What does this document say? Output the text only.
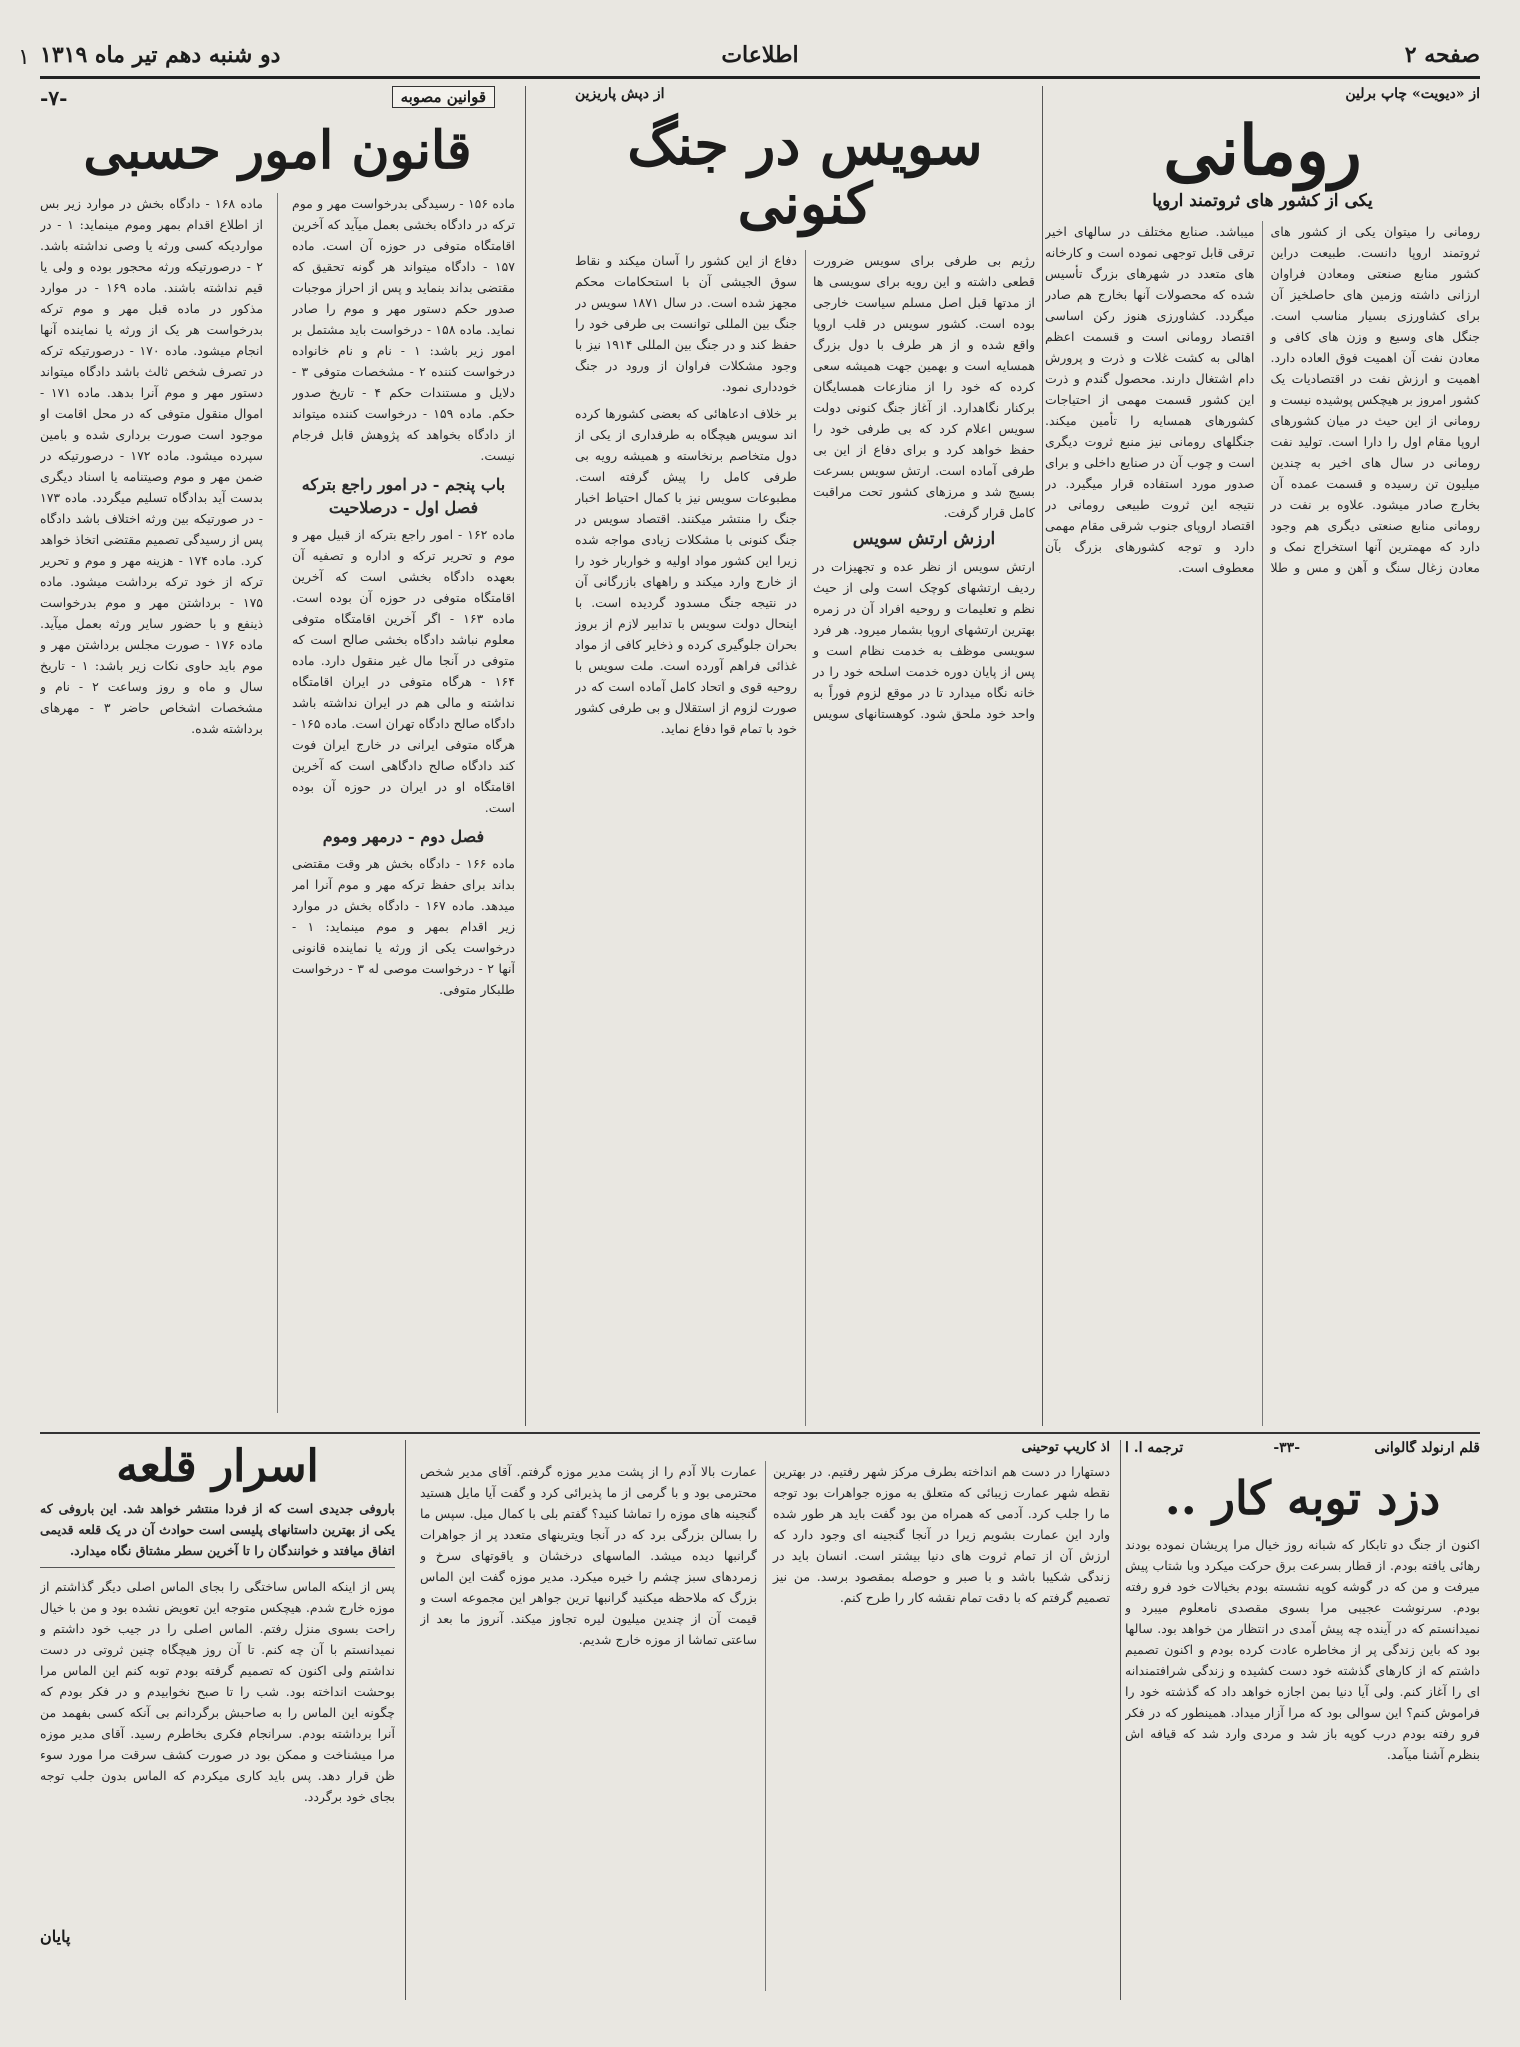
صفحه ۲
اطلاعات
دو شنبه دهم تیر ماه ۱۳۱۹
١
از «دیویت» چاپ برلین
رومانی
یکی از کشور های ثروتمند اروپا

رومانی را میتوان یکی از کشور های ثروتمند اروپا دانست. طبیعت دراین کشور منابع صنعتی ومعادن فراوان ارزانی داشته وزمین های حاصلخیز آن برای کشاورزی بسیار مناسب است. جنگل های وسیع و وزن های کافی و معادن نفت آن اهمیت فوق العاده دارد. اهمیت و ارزش نفت در اقتصادیات یک کشور امروز بر هیچکس پوشیده نیست و رومانی از این حیث در میان کشورهای اروپا مقام اول را دارا است. تولید نفت رومانی در سال های اخیر به چندین میلیون تن رسیده و قسمت عمده آن بخارج صادر میشود. علاوه بر نفت در رومانی منابع صنعتی دیگری هم وجود دارد که مهمترین آنها استخراج نمک و معادن زغال سنگ و آهن و مس و طلا میباشد. صنایع مختلف در سالهای اخیر ترقی قابل توجهی نموده است و کارخانه های متعدد در شهرهای بزرگ تأسیس شده که محصولات آنها بخارج هم صادر میگردد. کشاورزی هنوز رکن اساسی اقتصاد رومانی است و قسمت اعظم اهالی به کشت غلات و ذرت و پرورش دام اشتغال دارند. محصول گندم و ذرت این کشور قسمت مهمی از احتیاجات کشورهای همسایه را تأمین میکند. جنگلهای رومانی نیز منبع ثروت دیگری است و چوب آن در صنایع داخلی و برای صدور مورد استفاده قرار میگیرد. در نتیجه این ثروت طبیعی رومانی در اقتصاد اروپای جنوب شرقی مقام مهمی دارد و توجه کشورهای بزرگ بآن معطوف است.

از دپش پاریزین
سویس در جنگ کنونی

رژیم بی طرفی برای سویس ضرورت قطعی داشته و این رویه برای سویسی ها از مدتها قبل اصل مسلم سیاست خارجی بوده است. کشور سویس در قلب اروپا واقع شده و از هر طرف با دول بزرگ همسایه است و بهمین جهت همیشه سعی کرده که خود را از منازعات همسایگان برکنار نگاهدارد. از آغاز جنگ کنونی دولت سویس اعلام کرد که بی طرفی خود را حفظ خواهد کرد و برای دفاع از این بی طرفی آماده است. ارتش سویس بسرعت بسیج شد و مرزهای کشور تحت مراقبت کامل قرار گرفت.

ارزش ارتش سویس

ارتش سویس از نظر عده و تجهیزات در ردیف ارتشهای کوچک است ولی از حیث نظم و تعلیمات و روحیه افراد آن در زمره بهترین ارتشهای اروپا بشمار میرود. هر فرد سویسی موظف به خدمت نظام است و پس از پایان دوره خدمت اسلحه خود را در خانه نگاه میدارد تا در موقع لزوم فوراً به واحد خود ملحق شود. کوهستانهای سویس دفاع از این کشور را آسان میکند و نقاط سوق الجیشی آن با استحکامات محکم مجهز شده است. در سال ۱۸۷۱ سویس در جنگ بین المللی توانست بی طرفی خود را حفظ کند و در جنگ بین المللی ۱۹۱۴ نیز با وجود مشکلات فراوان از ورود در جنگ خودداری نمود.

بر خلاف ادعاهائی که بعضی کشورها کرده اند سویس هیچگاه به طرفداری از یکی از دول متخاصم برنخاسته و همیشه رویه بی طرفی کامل را پیش گرفته است. مطبوعات سویس نیز با کمال احتیاط اخبار جنگ را منتشر میکنند. اقتصاد سویس در جنگ کنونی با مشکلات زیادی مواجه شده زیرا این کشور مواد اولیه و خواربار خود را از خارج وارد میکند و راههای بازرگانی آن در نتیجه جنگ مسدود گردیده است. با اینحال دولت سویس با تدابیر لازم از بروز بحران جلوگیری کرده و ذخایر کافی از مواد غذائی فراهم آورده است. ملت سویس با روحیه قوی و اتحاد کامل آماده است که در صورت لزوم از استقلال و بی طرفی کشور خود با تمام قوا دفاع نماید.

قوانین مصوبه
-۷-
قانون امور حسبی

ماده ۱۶۸ - دادگاه بخش در موارد زیر بس از اطلاع اقدام بمهر وموم مینماید: ۱ - در مواردیکه کسی ورثه یا وصی نداشته باشد. ۲ - درصورتیکه ورثه محجور بوده و ولی یا قیم نداشته باشند. ماده ۱۶۹ - در موارد مذکور در ماده قبل مهر و موم ترکه بدرخواست هر یک از ورثه یا نماینده آنها انجام میشود. ماده ۱۷۰ - درصورتیکه ترکه در تصرف شخص ثالث باشد دادگاه میتواند دستور مهر و موم آنرا بدهد. ماده ۱۷۱ - اموال منقول متوفی که در محل اقامت او موجود است صورت برداری شده و بامین سپرده میشود. ماده ۱۷۲ - درصورتیکه در ضمن مهر و موم وصیتنامه یا اسناد دیگری بدست آید بدادگاه تسلیم میگردد. ماده ۱۷۳ - در صورتیکه بین ورثه اختلاف باشد دادگاه پس از رسیدگی تصمیم مقتضی اتخاذ خواهد کرد. ماده ۱۷۴ - هزینه مهر و موم و تحریر ترکه از خود ترکه برداشت میشود. ماده ۱۷۵ - برداشتن مهر و موم بدرخواست ذینفع و با حضور سایر ورثه بعمل میآید. ماده ۱۷۶ - صورت مجلس برداشتن مهر و موم باید حاوی نکات زیر باشد: ۱ - تاریخ سال و ماه و روز وساعت ۲ - نام و مشخصات اشخاص حاضر ۳ - مهرهای برداشته شده.

ماده ۱۵۶ - رسیدگی بدرخواست مهر و موم ترکه در دادگاه بخشی بعمل میآید که آخرین اقامتگاه متوفی در حوزه آن است. ماده ۱۵۷ - دادگاه میتواند هر گونه تحقیق که مقتضی بداند بنماید و پس از احراز موجبات صدور حکم دستور مهر و موم را صادر نماید. ماده ۱۵۸ - درخواست باید مشتمل بر امور زیر باشد: ۱ - نام و نام خانواده درخواست کننده ۲ - مشخصات متوفی ۳ - دلایل و مستندات حکم ۴ - تاریخ صدور حکم. ماده ۱۵۹ - درخواست کننده میتواند از دادگاه بخواهد که پژوهش قابل فرجام نیست.

باب پنجم - در امور راجع بترکه

فصل اول - درصلاحیت

ماده ۱۶۲ - امور راجع بترکه از قبیل مهر و موم و تحریر ترکه و اداره و تصفیه آن بعهده دادگاه بخشی است که آخرین اقامتگاه متوفی در حوزه آن بوده است. ماده ۱۶۳ - اگر آخرین اقامتگاه متوفی معلوم نباشد دادگاه بخشی صالح است که متوفی در آنجا مال غیر منقول دارد. ماده ۱۶۴ - هرگاه متوفی در ایران اقامتگاه نداشته و مالی هم در ایران نداشته باشد دادگاه صالح دادگاه تهران است. ماده ۱۶۵ - هرگاه متوفی ایرانی در خارج ایران فوت کند دادگاه صالح دادگاهی است که آخرین اقامتگاه او در ایران در حوزه آن بوده است.

فصل دوم - درمهر وموم

ماده ۱۶۶ - دادگاه بخش هر وقت مقتضی بداند برای حفظ ترکه مهر و موم آنرا امر میدهد. ماده ۱۶۷ - دادگاه بخش در موارد زیر اقدام بمهر و موم مینماید: ۱ - درخواست یکی از ورثه یا نماینده قانونی آنها ۲ - درخواست موصی له ۳ - درخواست طلبکار متوفی.

قلم ارنولد گالوانی
-۳۳-
ترجمه ا. ا
دزد توبه کار ..

اکنون از جنگ دو تابکار که شبانه روز خیال مرا پریشان نموده بودند رهائی یافته بودم. از قطار بسرعت برق حرکت میکرد وبا شتاب پیش میرفت و من که در گوشه کوپه نشسته بودم بخیالات خود فرو رفته بودم. سرنوشت عجیبی مرا بسوی مقصدی نامعلوم میبرد و نمیدانستم که در آینده چه پیش آمدی در انتظار من خواهد بود. سالها بود که باین زندگی پر از مخاطره عادت کرده بودم و اکنون تصمیم داشتم که از کارهای گذشته خود دست کشیده و زندگی شرافتمندانه ای را آغاز کنم. ولی آیا دنیا بمن اجازه خواهد داد که گذشته خود را فراموش کنم؟ این سوالی بود که مرا آزار میداد. همینطور که در فکر فرو رفته بودم درب کوپه باز شد و مردی وارد شد که قیافه اش بنظرم آشنا میآمد.

اذ کاریپ توحینی

دستهارا در دست هم انداخته بطرف مرکز شهر رفتیم. در بهترین نقطه شهر عمارت زیبائی که متعلق به موزه جواهرات بود توجه ما را جلب کرد. آدمی که همراه من بود گفت باید هر طور شده وارد این عمارت بشویم زیرا در آنجا گنجینه ای وجود دارد که ارزش آن از تمام ثروت های دنیا بیشتر است. انسان باید در زندگی شکیبا باشد و با صبر و حوصله بمقصود برسد. من نیز تصمیم گرفتم که با دقت تمام نقشه کار را طرح کنم.

عمارت بالا آدم را از پشت مدیر موزه گرفتم. آقای مدیر شخص محترمی بود و با گرمی از ما پذیرائی کرد و گفت آیا مایل هستید گنجینه های موزه را تماشا کنید؟ گفتم بلی با کمال میل. سپس ما را بسالن بزرگی برد که در آنجا ویترینهای متعدد پر از جواهرات گرانبها دیده میشد. الماسهای درخشان و یاقوتهای سرخ و زمردهای سبز چشم را خیره میکرد. مدیر موزه گفت این الماس بزرگ که ملاحظه میکنید گرانبها ترین جواهر این مجموعه است و قیمت آن از چندین میلیون لیره تجاوز میکند. آنروز ما بعد از ساعتی تماشا از موزه خارج شدیم.

اسرار قلعه

باروفی جدیدی است که از فردا منتشر خواهد شد. این باروفی که یکی از بهترین داستانهای پلیسی است حوادث آن در یک قلعه قدیمی اتفاق میافتد و خوانندگان را تا آخرین سطر مشتاق نگاه میدارد.

پس از اینکه الماس ساختگی را بجای الماس اصلی دیگر گذاشتم از موزه خارج شدم. هیچکس متوجه این تعویض نشده بود و من با خیال راحت بسوی منزل رفتم. الماس اصلی را در جیب خود داشتم و نمیدانستم با آن چه کنم. تا آن روز هیچگاه چنین ثروتی در دست نداشتم ولی اکنون که تصمیم گرفته بودم توبه کنم این الماس مرا بوحشت انداخته بود. شب را تا صبح نخوابیدم و در فکر بودم که چگونه این الماس را به صاحبش برگردانم بی آنکه کسی بفهمد من آنرا برداشته بودم. سرانجام فکری بخاطرم رسید. آقای مدیر موزه مرا میشناخت و ممکن بود در صورت کشف سرقت مرا مورد سوء ظن قرار دهد. پس باید کاری میکردم که الماس بدون جلب توجه بجای خود برگردد.

پایان
